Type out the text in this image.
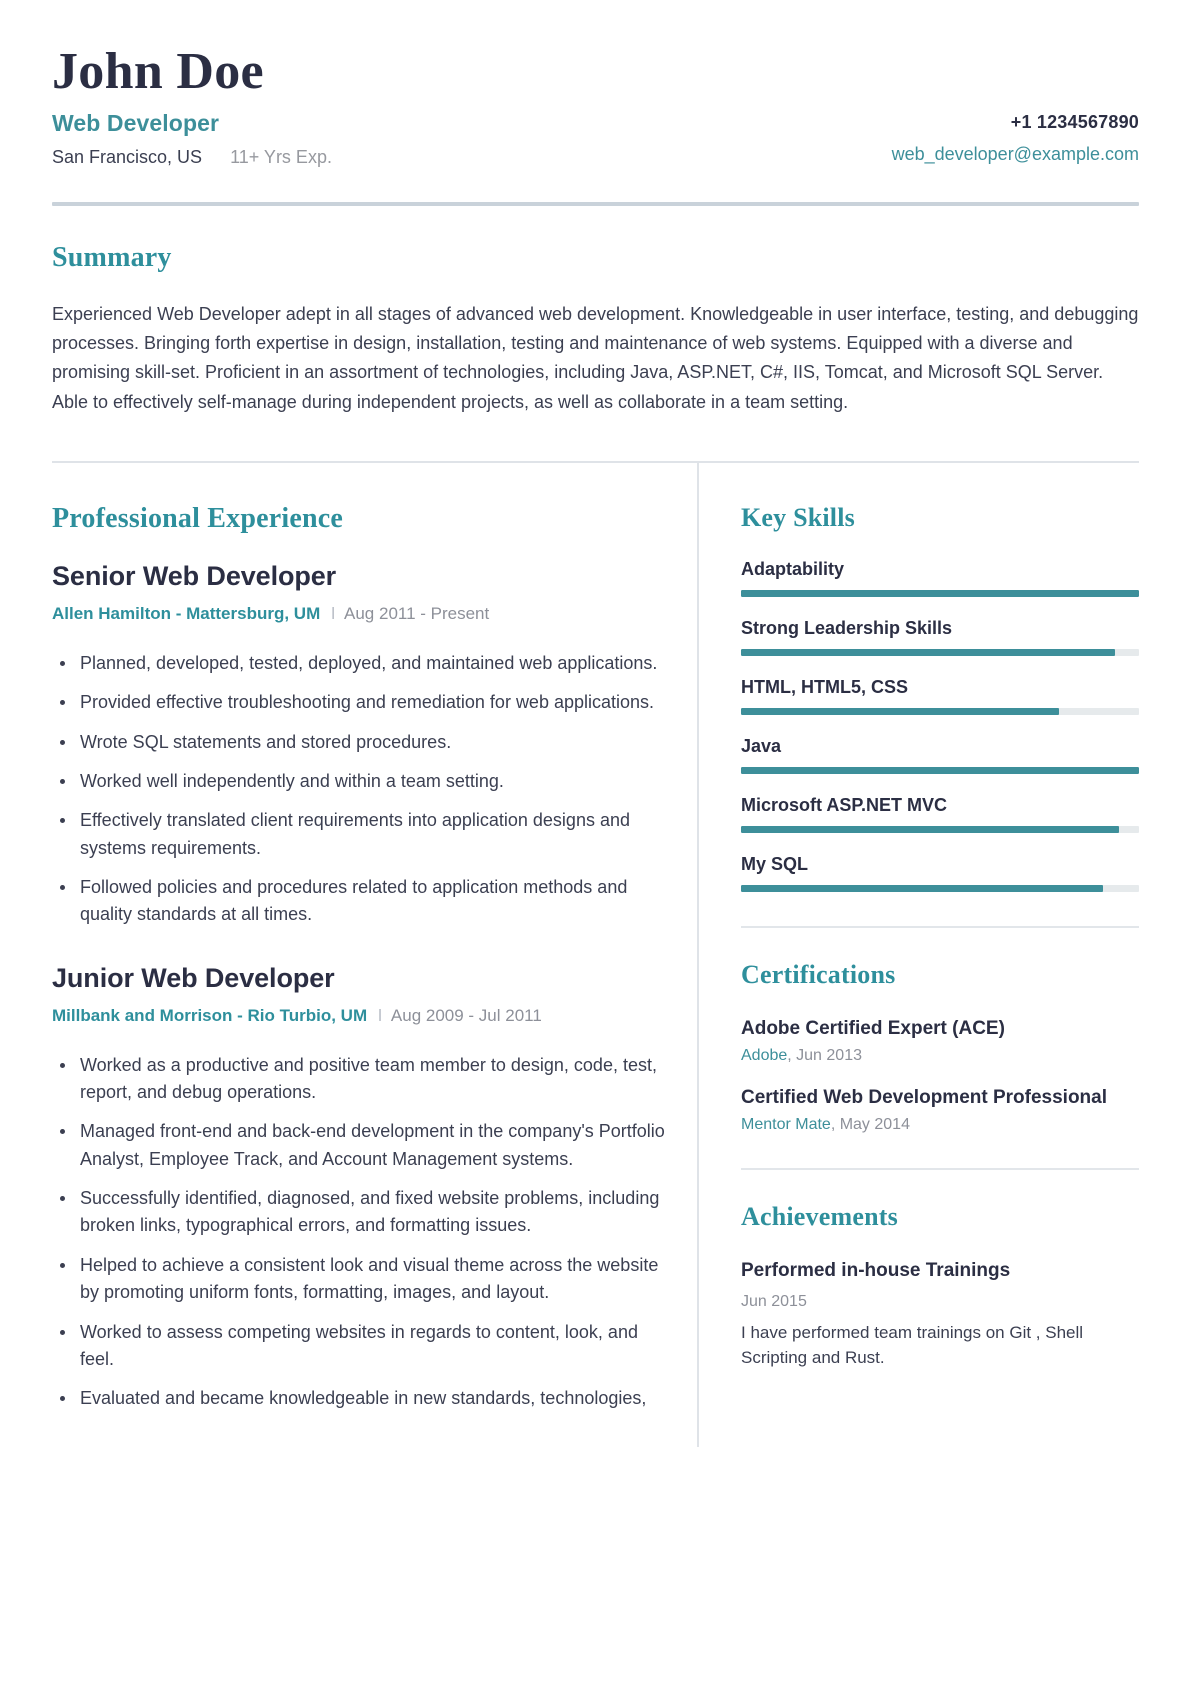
John Doe
Web Developer
San Francisco, US 11+ Yrs Exp.
+1 1234567890
web_developer@example.com
Summary

Experienced Web Developer adept in all stages of advanced web development. Knowledgeable in user interface, testing, and debugging processes. Bringing forth expertise in design, installation, testing and maintenance of web systems. Equipped with a diverse and promising skill-set. Proficient in an assortment of technologies, including Java, ASP.NET, C#, IIS, Tomcat, and Microsoft SQL Server. Able to effectively self-manage during independent projects, as well as collaborate in a team setting.

Professional Experience
Senior Web Developer
Allen Hamilton - Mattersburg, UM l Aug 2011 - Present
Planned, developed, tested, deployed, and maintained web applications.
Provided effective troubleshooting and remediation for web applications.
Wrote SQL statements and stored procedures.
Worked well independently and within a team setting.
Effectively translated client requirements into application designs and systems requirements.
Followed policies and procedures related to application methods and quality standards at all times.
Junior Web Developer
Millbank and Morrison - Rio Turbio, UM l Aug 2009 - Jul 2011
Worked as a productive and positive team member to design, code, test, report, and debug operations.
Managed front-end and back-end development in the company's Portfolio Analyst, Employee Track, and Account Management systems.
Successfully identified, diagnosed, and fixed website problems, including broken links, typographical errors, and formatting issues.
Helped to achieve a consistent look and visual theme across the website by promoting uniform fonts, formatting, images, and layout.
Worked to assess competing websites in regards to content, look, and feel.
Evaluated and became knowledgeable in new standards, technologies,
Key Skills
Adaptability
Strong Leadership Skills
HTML, HTML5, CSS
Java
Microsoft ASP.NET MVC
My SQL
Certifications
Adobe Certified Expert (ACE)
Adobe, Jun 2013
Certified Web Development Professional
Mentor Mate, May 2014
Achievements
Performed in-house Trainings
Jun 2015
I have performed team trainings on Git , Shell Scripting and Rust.
